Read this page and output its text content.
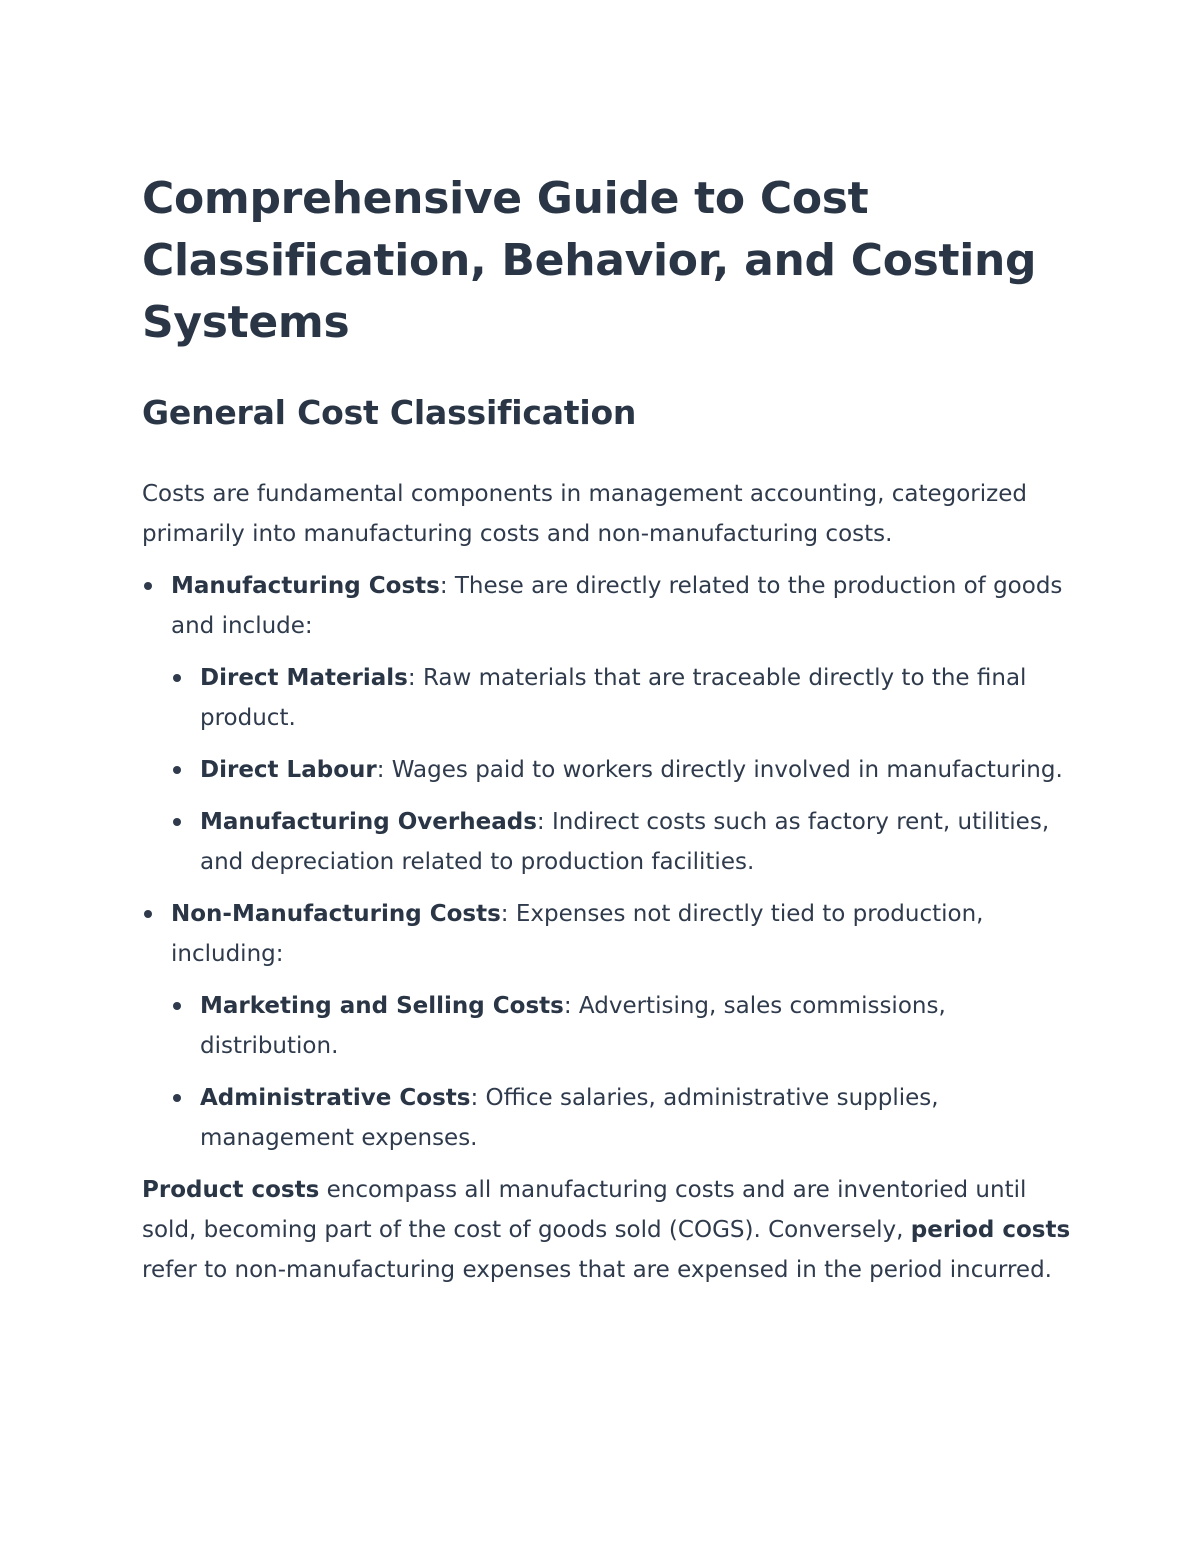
Comprehensive Guide to Cost Classification, Behavior, and Costing Systems
General Cost Classification

Costs are fundamental components in management accounting, categorized primarily into manufacturing costs and non-manufacturing costs.

Manufacturing Costs: These are directly related to the production of goods and include:
Direct Materials: Raw materials that are traceable directly to the final product.
Direct Labour: Wages paid to workers directly involved in manufacturing.
Manufacturing Overheads: Indirect costs such as factory rent, utilities, and depreciation related to production facilities.
Non-Manufacturing Costs: Expenses not directly tied to production, including:
Marketing and Selling Costs: Advertising, sales commissions, distribution.
Administrative Costs: Office salaries, administrative supplies, management expenses.

Product costs encompass all manufacturing costs and are inventoried until sold, becoming part of the cost of goods sold (COGS). Conversely, period costs refer to non-manufacturing expenses that are expensed in the period incurred.
